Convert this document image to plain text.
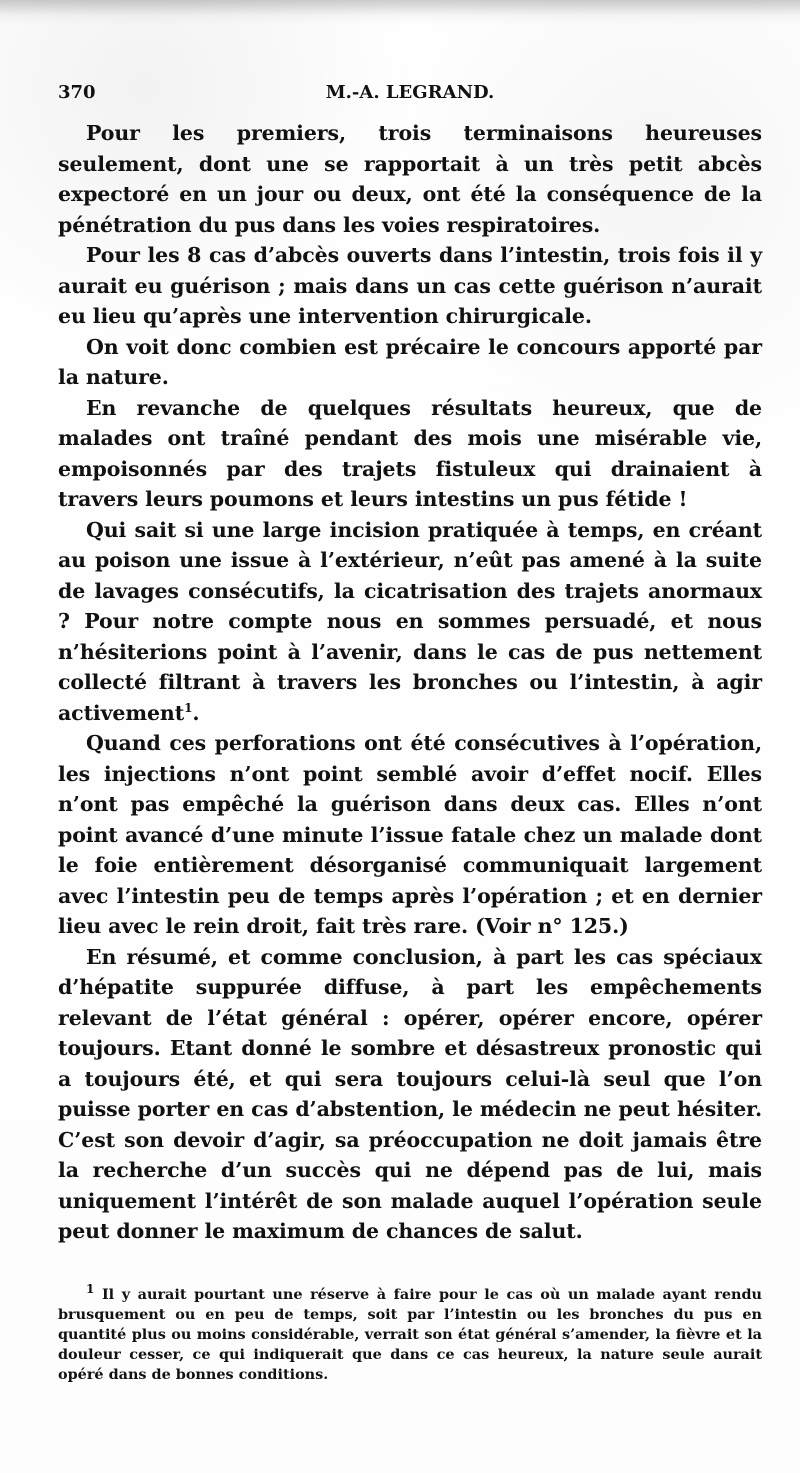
370	M.-A. LEGRAND.

Pour les premiers, trois terminaisons heureuses seulement, dont une se rapportait à un très petit abcès expectoré en un jour ou deux, ont été la conséquence de la pénétration du pus dans les voies respiratoires.

Pour les 8 cas d’abcès ouverts dans l’intestin, trois fois il y aurait eu guérison ; mais dans un cas cette guérison n’aurait eu lieu qu’après une intervention chirurgicale.

On voit donc combien est précaire le concours apporté par la nature.

En revanche de quelques résultats heureux, que de malades ont traîné pendant des mois une misérable vie, empoisonnés par des trajets fistuleux qui drainaient à travers leurs poumons et leurs intestins un pus fétide !

Qui sait si une large incision pratiquée à temps, en créant au poison une issue à l’extérieur, n’eût pas amené à la suite de lavages consécutifs, la cicatrisation des trajets anormaux ? Pour notre compte nous en sommes persuadé, et nous n’hésiterions point à l’avenir, dans le cas de pus nettement collecté filtrant à travers les bronches ou l’intestin, à agir activement$^1$.

Quand ces perforations ont été consécutives à l’opération, les injections n’ont point semblé avoir d’effet nocif. Elles n’ont pas empêché la guérison dans deux cas. Elles n’ont point avancé d’une minute l’issue fatale chez un malade dont le foie entièrement désorganisé communiquait largement avec l’intestin peu de temps après l’opération ; et en dernier lieu avec le rein droit, fait très rare. (Voir n° 125.)

En résumé, et comme conclusion, à part les cas spéciaux d’hépatite suppurée diffuse, à part les empêchements relevant de l’état général : opérer, opérer encore, opérer toujours. Etant donné le sombre et désastreux pronostic qui a toujours été, et qui sera toujours celui-là seul que l’on puisse porter en cas d’abstention, le médecin ne peut hésiter. C’est son devoir d’agir, sa préoccupation ne doit jamais être la recherche d’un succès qui ne dépend pas de lui, mais uniquement l’intérêt de son malade auquel l’opération seule peut donner le maximum de chances de salut.

$^1$ Il y aurait pourtant une réserve à faire pour le cas où un malade ayant rendu brusquement ou en peu de temps, soit par l’intestin ou les bronches du pus en quantité plus ou moins considérable, verrait son état général s’amender, la fièvre et la douleur cesser, ce qui indiquerait que dans ce cas heureux, la nature seule aurait opéré dans de bonnes conditions.
